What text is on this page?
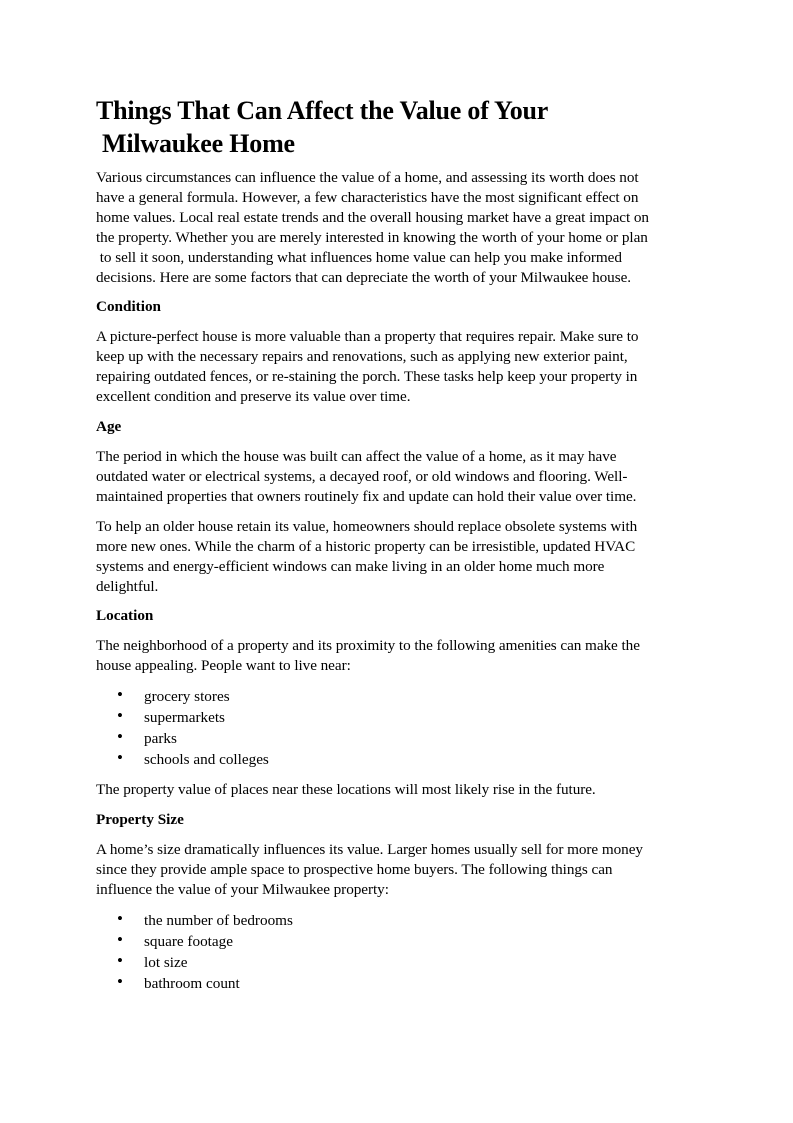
Things That Can Affect the Value of Your
Milwaukee Home

Various circumstances can influence the value of a home, and assessing its worth does not
have a general formula. However, a few characteristics have the most significant effect on
home values. Local real estate trends and the overall housing market have a great impact on
the property. Whether you are merely interested in knowing the worth of your home or plan
to sell it soon, understanding what influences home value can help you make informed
decisions. Here are some factors that can depreciate the worth of your Milwaukee house.

Condition

A picture-perfect house is more valuable than a property that requires repair. Make sure to
keep up with the necessary repairs and renovations, such as applying new exterior paint,
repairing outdated fences, or re-staining the porch. These tasks help keep your property in
excellent condition and preserve its value over time.

Age

The period in which the house was built can affect the value of a home, as it may have
outdated water or electrical systems, a decayed roof, or old windows and flooring. Well-
maintained properties that owners routinely fix and update can hold their value over time.

To help an older house retain its value, homeowners should replace obsolete systems with
more new ones. While the charm of a historic property can be irresistible, updated HVAC
systems and energy-efficient windows can make living in an older home much more
delightful.

Location

The neighborhood of a property and its proximity to the following amenities can make the
house appealing. People want to live near:

• grocery stores
• supermarkets
• parks
• schools and colleges

The property value of places near these locations will most likely rise in the future.

Property Size

A home’s size dramatically influences its value. Larger homes usually sell for more money
since they provide ample space to prospective home buyers. The following things can
influence the value of your Milwaukee property:

• the number of bedrooms
• square footage
• lot size
• bathroom count
